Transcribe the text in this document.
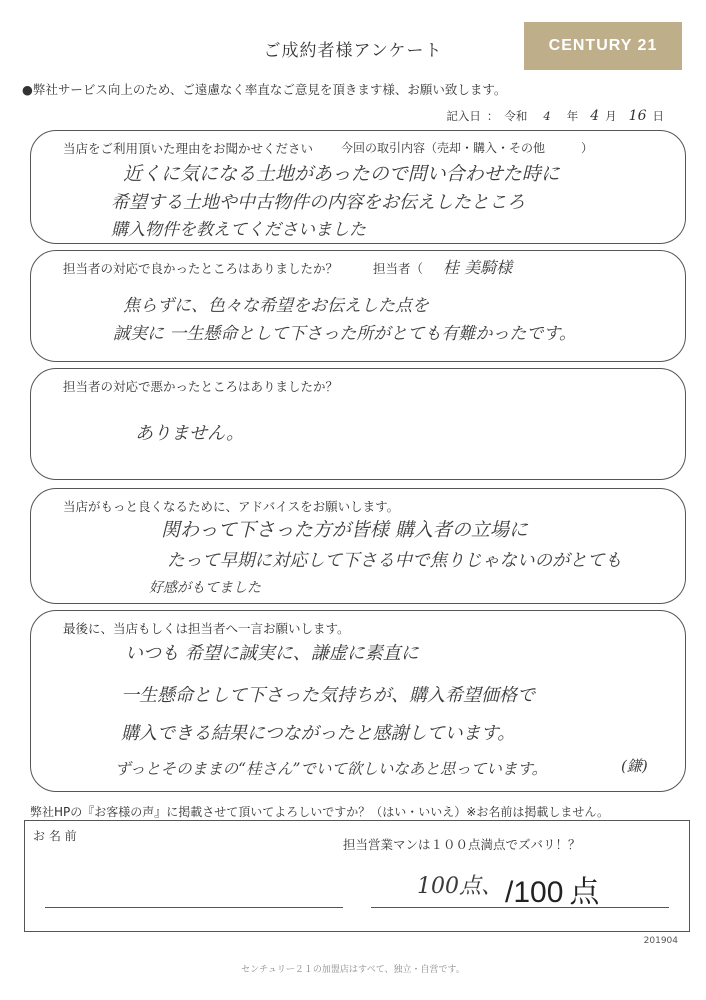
ご成約者様アンケート	CENTURY 21
●弊社サービス向上のため、ご遠慮なく率直なご意見を頂きます様、お願い致します。
記入日 ： 令和 4 年 4 月 16 日
当店をご利用頂いた理由をお聞かせください 今回の取引内容（売却・購入・その他　　　）
近くに気になる土地があったので問い合わせた時に
希望する土地や中古物件の内容をお伝えしたところ
購入物件を教えてくださいました
担当者の対応で良かったところはありましたか？	担当者（ 桂 美騎様
焦らずに、色々な希望をお伝えした点を
誠実に 一生懸命として下さった所がとても有難かったです。
担当者の対応で悪かったところはありましたか？
ありません。
当店がもっと良くなるために、アドバイスをお願いします。
関わって下さった方が皆様 購入者の立場に
たって早期に対応して下さる中で焦りじゃないのがとても
好感がもてました
最後に、当店もしくは担当者へ一言お願いします。
いつも 希望に誠実に、謙虚に素直に
一生懸命として下さった気持ちが、購入希望価格で
購入できる結果につながったと感謝しています。
ずっとそのままの“桂さん”でいて欲しいなあと思っています。	(鎌)
弊社HPの『お客様の声』に掲載させて頂いてよろしいですか？（はい・いいえ）※お名前は掲載しません。
お 名 前
担当営業マンは１００点満点でズバリ！？
100点、 /100 点
201904
センチュリー２１の加盟店はすべて、独立・自営です。
